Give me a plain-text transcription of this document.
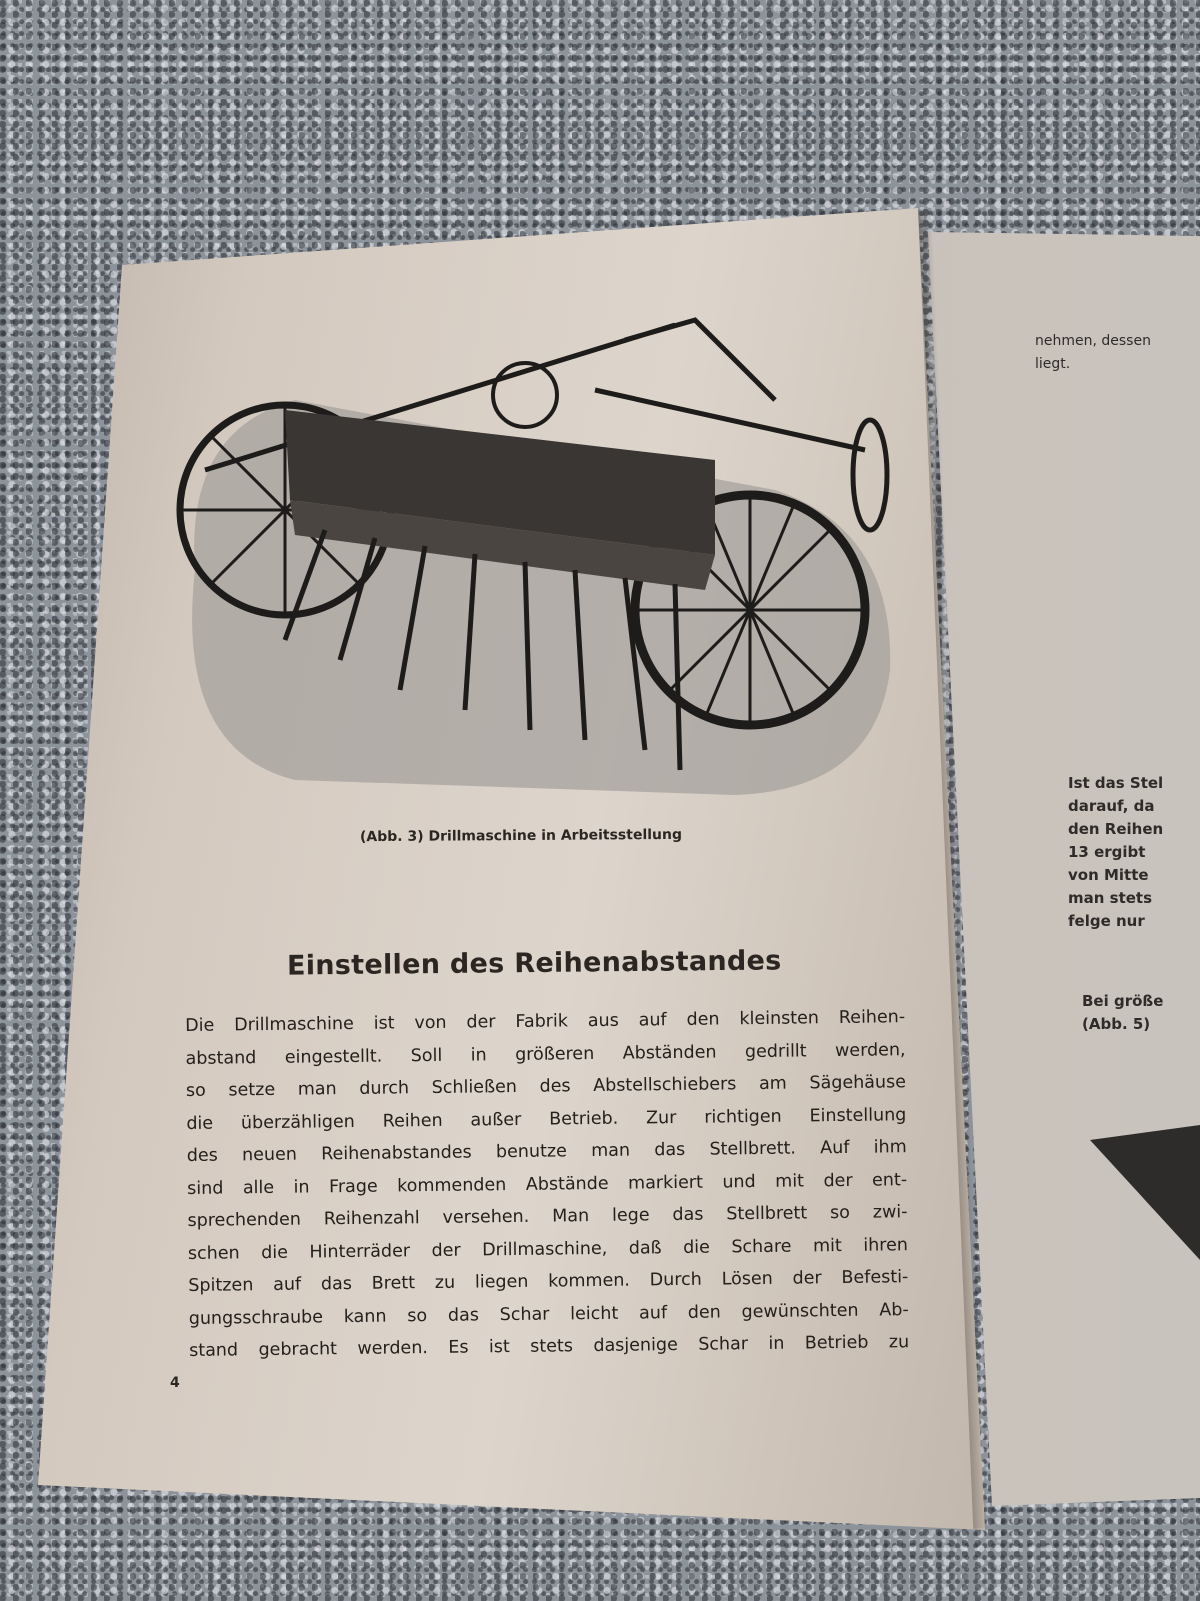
(Abb. 3) Drillmaschine in Arbeitsstellung
Einstellen des Reihenabstandes
Die Drillmaschine ist von der Fabrik aus auf den kleinsten Reihen-
abstand eingestellt. Soll in größeren Abständen gedrillt werden,
so setze man durch Schließen des Abstellschiebers am Sägehäuse
die überzähligen Reihen außer Betrieb. Zur richtigen Einstellung
des neuen Reihenabstandes benutze man das Stellbrett. Auf ihm
sind alle in Frage kommenden Abstände markiert und mit der ent-
sprechenden Reihenzahl versehen. Man lege das Stellbrett so zwi-
schen die Hinterräder der Drillmaschine, daß die Schare mit ihren
Spitzen auf das Brett zu liegen kommen. Durch Lösen der Befesti-
gungsschraube kann so das Schar leicht auf den gewünschten Ab-
stand gebracht werden. Es ist stets dasjenige Schar in Betrieb zu
4
nehmen, dessen
liegt.
Ist das Stel
darauf, da
den Reihen
13 ergibt
von Mitte
man stets
felge nur
Bei größe
(Abb. 5)
